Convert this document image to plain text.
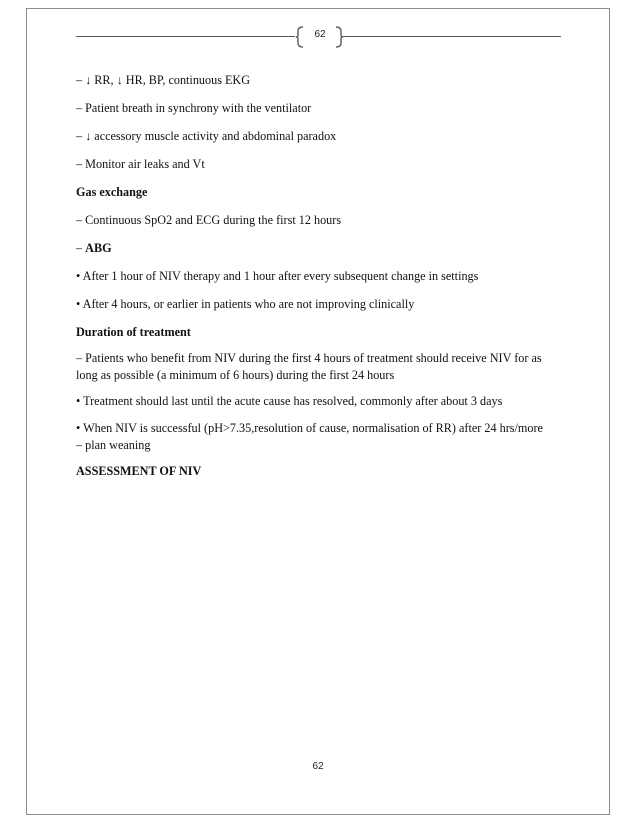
62
– ↓ RR, ↓ HR, BP, continuous EKG
– Patient breath in synchrony with the ventilator
– ↓ accessory muscle activity and abdominal paradox
– Monitor air leaks and Vt
Gas exchange
– Continuous SpO2 and ECG during the first 12 hours
– ABG
• After 1 hour of NIV therapy and 1 hour after every subsequent change in settings
• After 4 hours, or earlier in patients who are not improving clinically
Duration of treatment
– Patients who benefit from NIV during the first 4 hours of treatment should receive NIV for as
long as possible (a minimum of 6 hours) during the first 24 hours
• Treatment should last until the acute cause has resolved, commonly after about 3 days
• When NIV is successful (pH>7.35,resolution of cause, normalisation of RR) after 24 hrs/more
– plan weaning
ASSESSMENT OF NIV
62
